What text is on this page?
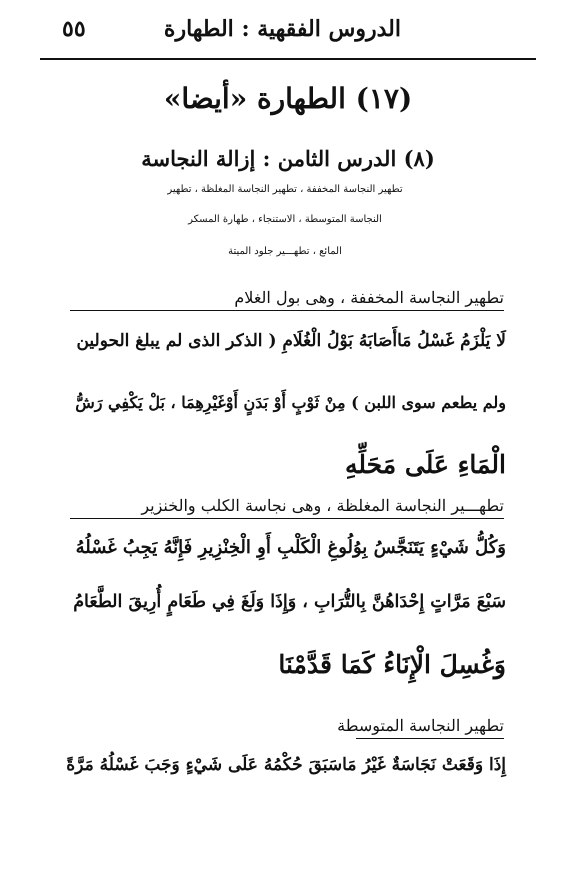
الدروس الفقهية : الطهارة
٥٥
(١٧) الطهارة «أيضا»
(٨) الدرس الثامن : إزالة النجاسة
تطهير النجاسة المخففة ، تطهير النجاسة المغلظة ، تطهير
النجاسة المتوسطة ، الاستنجاء ، طهارة المسكر
المائع ، تطهـــير جلود الميتة
تطهير النجاسة المخففة ، وهى بول الغلام
لَا يَلْزَمُ غَسْلُ مَاأَصَابَهُ بَوْلُ الْغُلَامِ ( الذكر الذى لم يبلغ الحولين
ولم يطعم سوى اللبن ) مِنْ ثَوْبٍ أَوْ بَدَنٍ أَوْغَيْرِهِمَا ، بَلْ يَكْفِي رَشُّ
الْمَاءِ عَلَى مَحَلِّهِ
تطهـــير النجاسة المغلظة ، وهى نجاسة الكلب والخنزير
وَكُلُّ شَيْءٍ يَتَنَجَّسُ بِوُلُوغِ الْكَلْبِ أَوِ الْخِنْزِيرِ فَإِنَّهُ يَجِبُ غَسْلُهُ
سَبْعَ مَرَّاتٍ إِحْدَاهُنَّ بِالتُّرَابِ ، وَإِذَا وَلَغَ فِي طَعَامٍ أُرِيقَ الطَّعَامُ
وَغُسِلَ الْإِنَاءُ كَمَا قَدَّمْنَا
تطهير النجاسة المتوسطة
إِذَا وَقَعَتْ نَجَاسَةٌ غَيْرُ مَاسَبَقَ حُكْمُهُ عَلَى شَيْءٍ وَجَبَ غَسْلُهُ مَرَّةً
